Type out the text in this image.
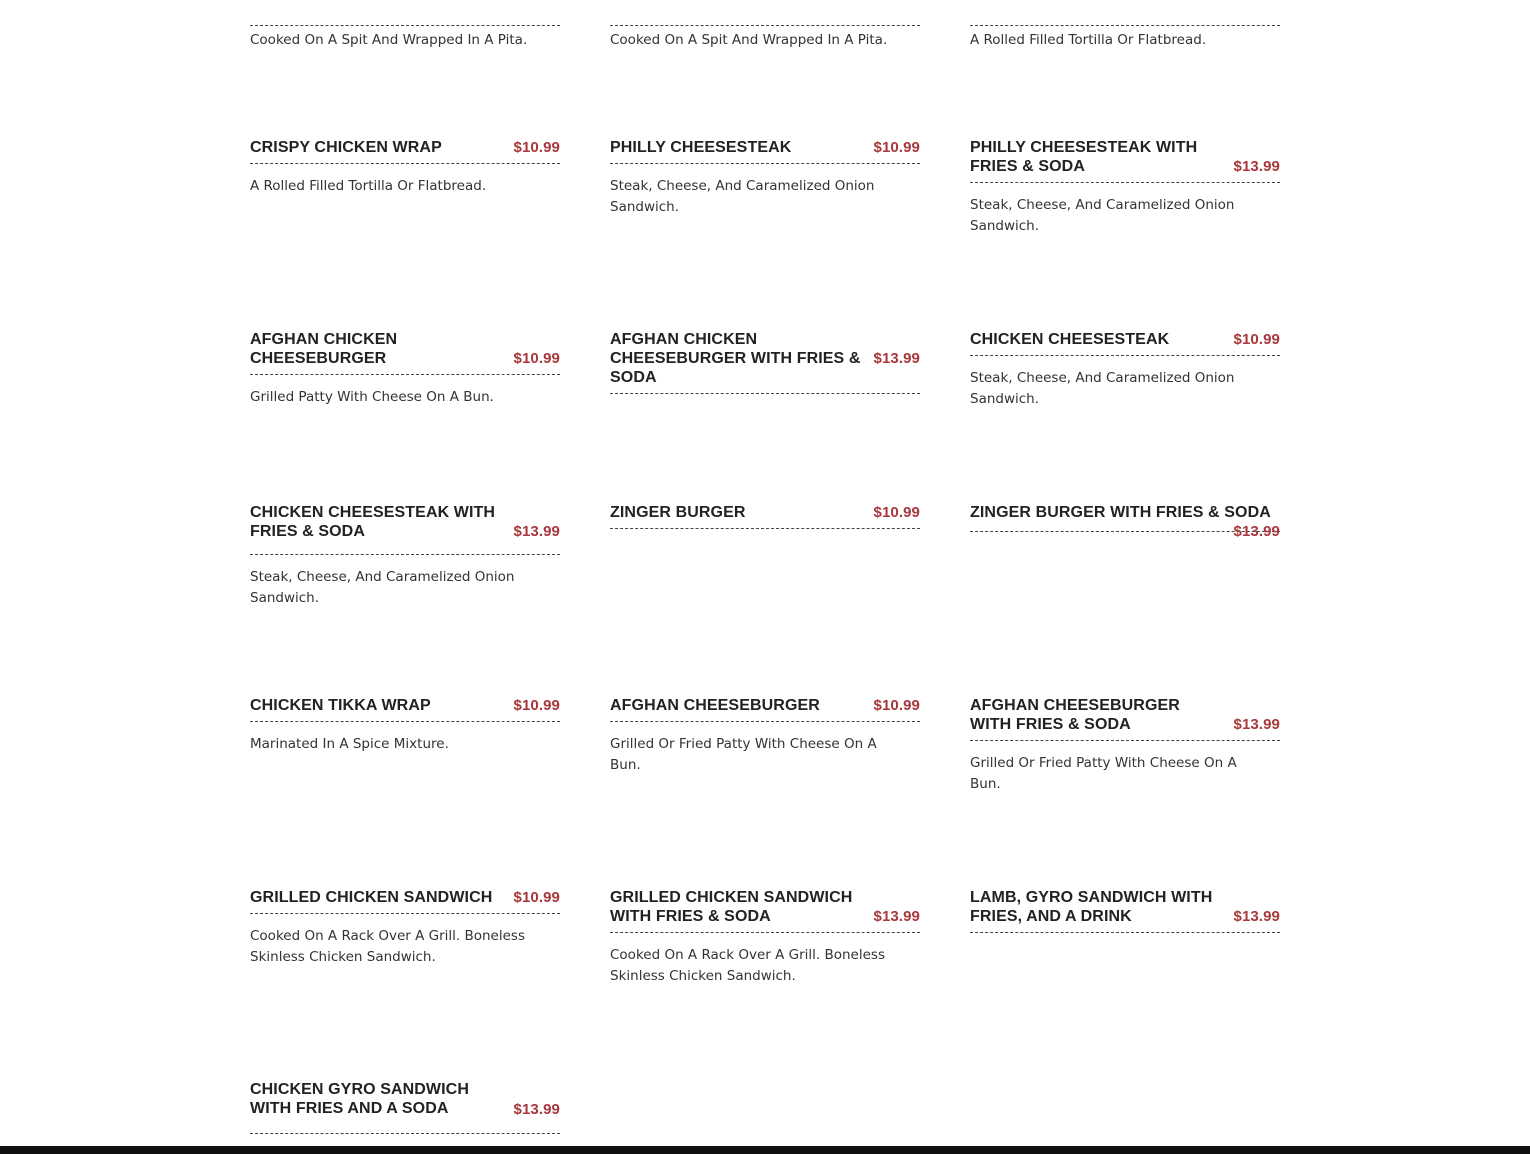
Cooked On A Spit And Wrapped In A Pita.	Cooked On A Spit And Wrapped In A Pita.	A Rolled Filled Tortilla Or Flatbread.

$10.99
CRISPY CHICKEN WRAP

A Rolled Filled Tortilla Or Flatbread.

$10.99
PHILLY CHEESESTEAK

Steak, Cheese, And Caramelized Onion Sandwich.

$13.99
PHILLY CHEESESTEAK WITH FRIES & SODA

Steak, Cheese, And Caramelized Onion Sandwich.

$10.99
AFGHAN CHICKEN CHEESEBURGER

Grilled Patty With Cheese On A Bun.

$13.99
AFGHAN CHICKEN CHEESEBURGER WITH FRIES & SODA

$10.99
CHICKEN CHEESESTEAK

Steak, Cheese, And Caramelized Onion Sandwich.

$13.99
CHICKEN CHEESESTEAK WITH FRIES & SODA

Steak, Cheese, And Caramelized Onion Sandwich.

$10.99
ZINGER BURGER	ZINGER BURGER WITH FRIES & SODA
$13.99

$10.99
CHICKEN TIKKA WRAP

Marinated In A Spice Mixture.

$10.99
AFGHAN CHEESEBURGER

Grilled Or Fried Patty With Cheese On A Bun.

$13.99
AFGHAN CHEESEBURGER WITH FRIES & SODA

Grilled Or Fried Patty With Cheese On A Bun.

$10.99
GRILLED CHICKEN SANDWICH

Cooked On A Rack Over A Grill. Boneless Skinless Chicken Sandwich.

$13.99
GRILLED CHICKEN SANDWICH WITH FRIES & SODA

Cooked On A Rack Over A Grill. Boneless Skinless Chicken Sandwich.

$13.99
LAMB, GYRO SANDWICH WITH FRIES, AND A DRINK

$13.99
CHICKEN GYRO SANDWICH WITH FRIES AND A SODA
